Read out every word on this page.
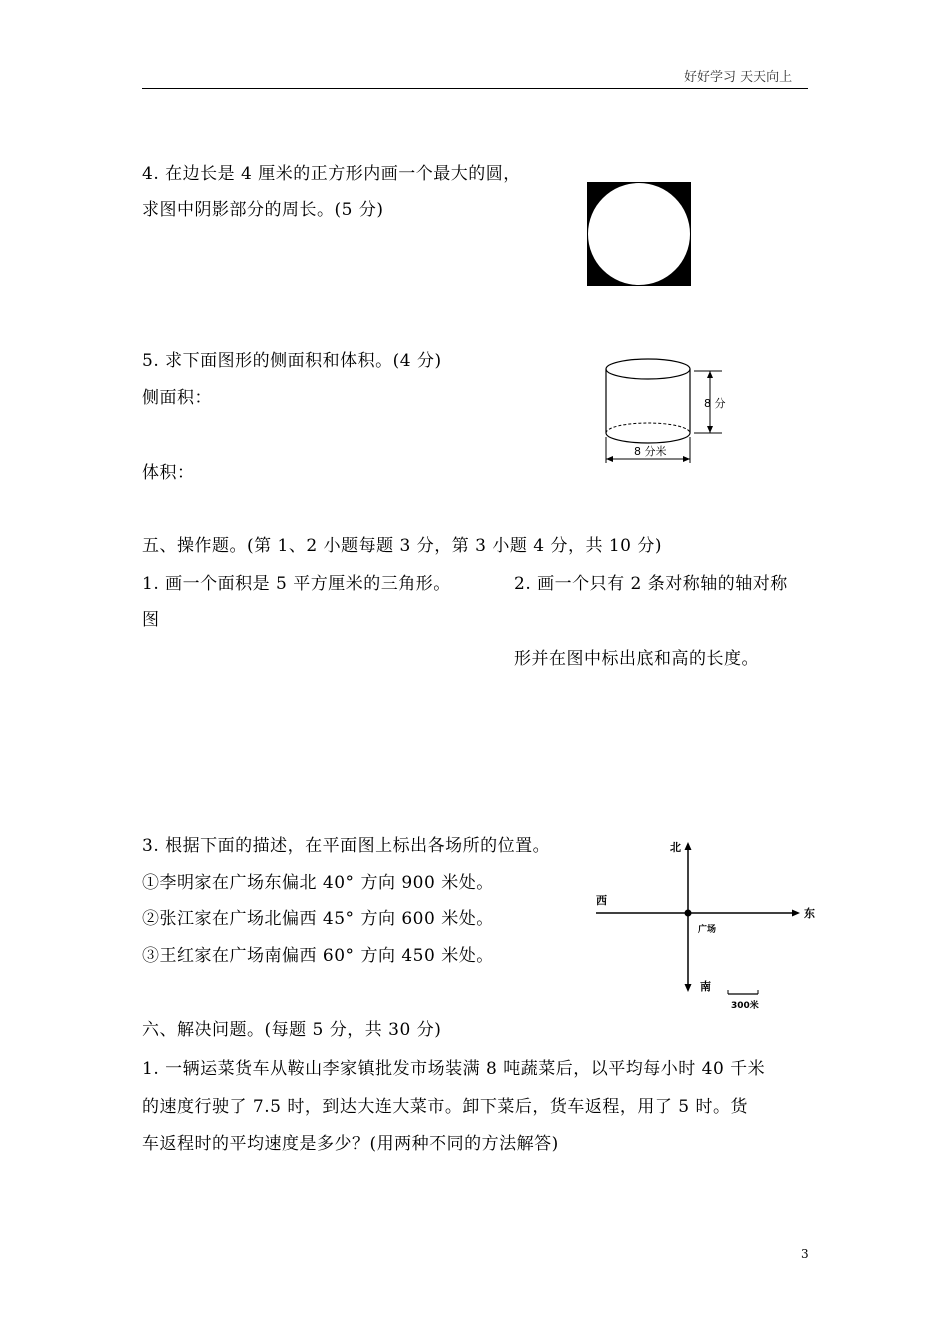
好好学习 天天向上
4. 在边长是 4 厘米的正方形内画一个最大的圆，
求图中阴影部分的周长。(5 分)
5. 求下面图形的侧面积和体积。(4 分)
侧面积：
体积：
8 分
8 分米
五、操作题。(第 1、2 小题每题 3 分，第 3 小题 4 分，共 10 分)
1. 画一个面积是 5 平方厘米的三角形。	2. 画一个只有 2 条对称轴的轴对称
图
形并在图中标出底和高的长度。
3. 根据下面的描述，在平面图上标出各场所的位置。
①李明家在广场东偏北 40° 方向 900 米处。
②张江家在广场北偏西 45° 方向 600 米处。
③王红家在广场南偏西 60° 方向 450 米处。
北
西
东
广场
南
300米
六、解决问题。(每题 5 分，共 30 分)
1. 一辆运菜货车从鞍山李家镇批发市场装满 8 吨蔬菜后，以平均每小时 40 千米
的速度行驶了 7.5 时，到达大连大菜市。卸下菜后，货车返程，用了 5 时。货
车返程时的平均速度是多少？(用两种不同的方法解答)
3
